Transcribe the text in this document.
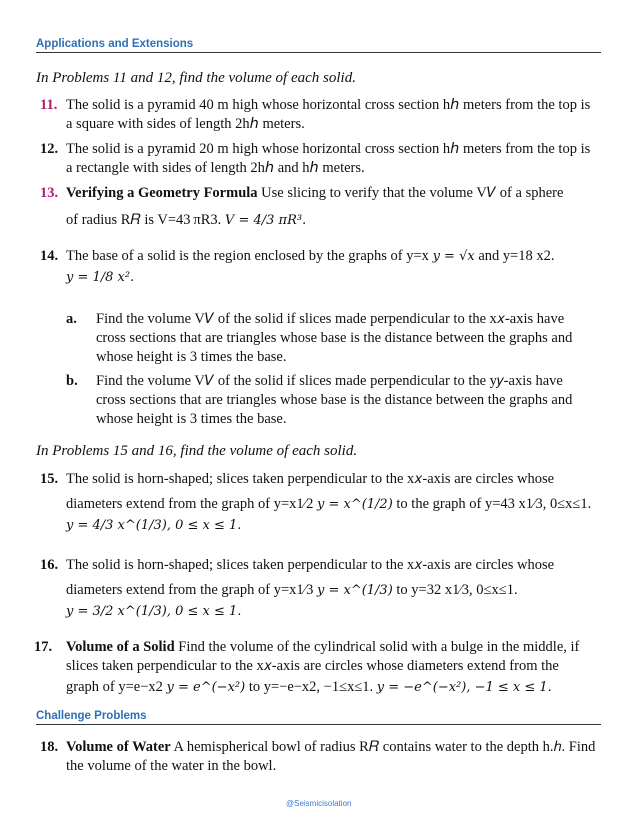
Applications and Extensions
In Problems 11 and 12, find the volume of each solid.
11. The solid is a pyramid 40 m high whose horizontal cross section hℎ meters from the top is a square with sides of length 2hℎ meters.
12. The solid is a pyramid 20 m high whose horizontal cross section hℎ meters from the top is a rectangle with sides of length 2hℎ and hℎ meters.
13. Verifying a Geometry Formula Use slicing to verify that the volume V𝑉 of a sphere
of radius R𝑅 is V=43 πR3. V = 4/3 πR³.
14. The base of a solid is the region enclosed by the graphs of y=x y = √x and y=18 x2.
y = 1/8 x².
a. Find the volume V𝑉 of the solid if slices made perpendicular to the x𝑥-axis have cross sections that are triangles whose base is the distance between the graphs and whose height is 3 times the base.
b. Find the volume V𝑉 of the solid if slices made perpendicular to the y𝑦-axis have cross sections that are triangles whose base is the distance between the graphs and whose height is 3 times the base.
In Problems 15 and 16, find the volume of each solid.
15. The solid is horn-shaped; slices taken perpendicular to the x𝑥-axis are circles whose
diameters extend from the graph of y=x1⁄2 y = x^(1/2) to the graph of y=43 x1⁄3, 0≤x≤1.
y = 4/3 x^(1/3), 0 ≤ x ≤ 1.
16. The solid is horn-shaped; slices taken perpendicular to the x𝑥-axis are circles whose
diameters extend from the graph of y=x1⁄3 y = x^(1/3) to y=32 x1⁄3, 0≤x≤1.
y = 3/2 x^(1/3), 0 ≤ x ≤ 1.
17. Volume of a Solid Find the volume of the cylindrical solid with a bulge in the middle, if slices taken perpendicular to the x𝑥-axis are circles whose diameters extend from the
graph of y=e−x2 y = e^(−x²) to y=−e−x2, −1≤x≤1. y = −e^(−x²), −1 ≤ x ≤ 1.
Challenge Problems
18. Volume of Water A hemispherical bowl of radius R𝑅 contains water to the depth h.ℎ. Find the volume of the water in the bowl.
@Seismicisolation
